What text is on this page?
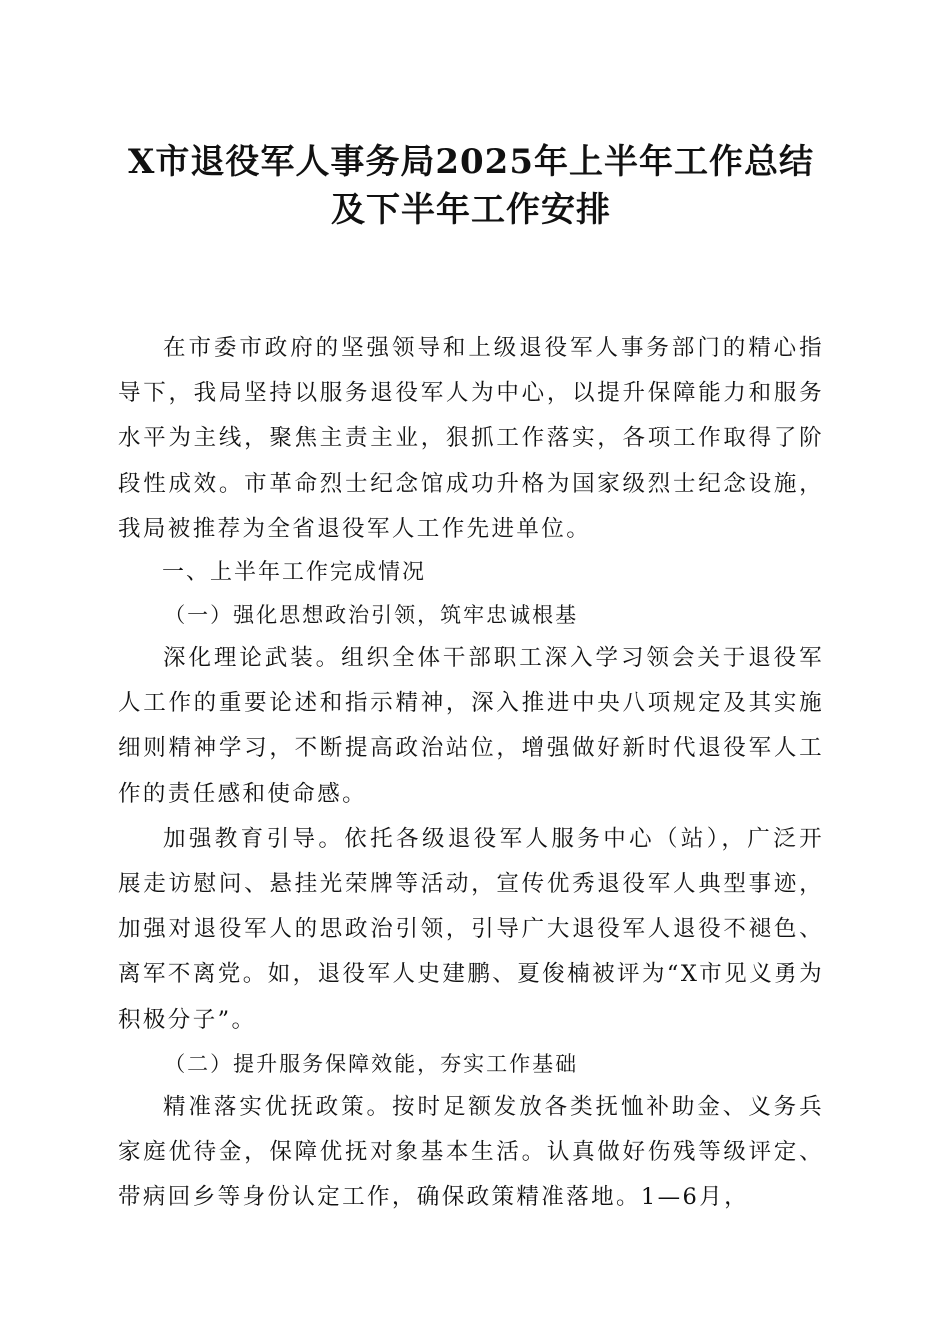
X市退役军人事务局2025年上半年工作总结
及下半年工作安排

在市委市政府的坚强领导和上级退役军人事务部门的精心指导下，我局坚持以服务退役军人为中心，以提升保障能力和服务水平为主线，聚焦主责主业，狠抓工作落实，各项工作取得了阶段性成效。市革命烈士纪念馆成功升格为国家级烈士纪念设施，我局被推荐为全省退役军人工作先进单位。

一、上半年工作完成情况

（一）强化思想政治引领，筑牢忠诚根基

深化理论武装。组织全体干部职工深入学习领会关于退役军人工作的重要论述和指示精神，深入推进中央八项规定及其实施细则精神学习，不断提高政治站位，增强做好新时代退役军人工作的责任感和使命感。

加强教育引导。依托各级退役军人服务中心（站），广泛开展走访慰问、悬挂光荣牌等活动，宣传优秀退役军人典型事迹，加强对退役军人的思政治引领，引导广大退役军人退役不褪色、离军不离党。如，退役军人史建鹏、夏俊楠被评为“X市见义勇为积极分子”。

（二）提升服务保障效能，夯实工作基础

精准落实优抚政策。按时足额发放各类抚恤补助金、义务兵家庭优待金，保障优抚对象基本生活。认真做好伤残等级评定、带病回乡等身份认定工作，确保政策精准落地。1—6月，
